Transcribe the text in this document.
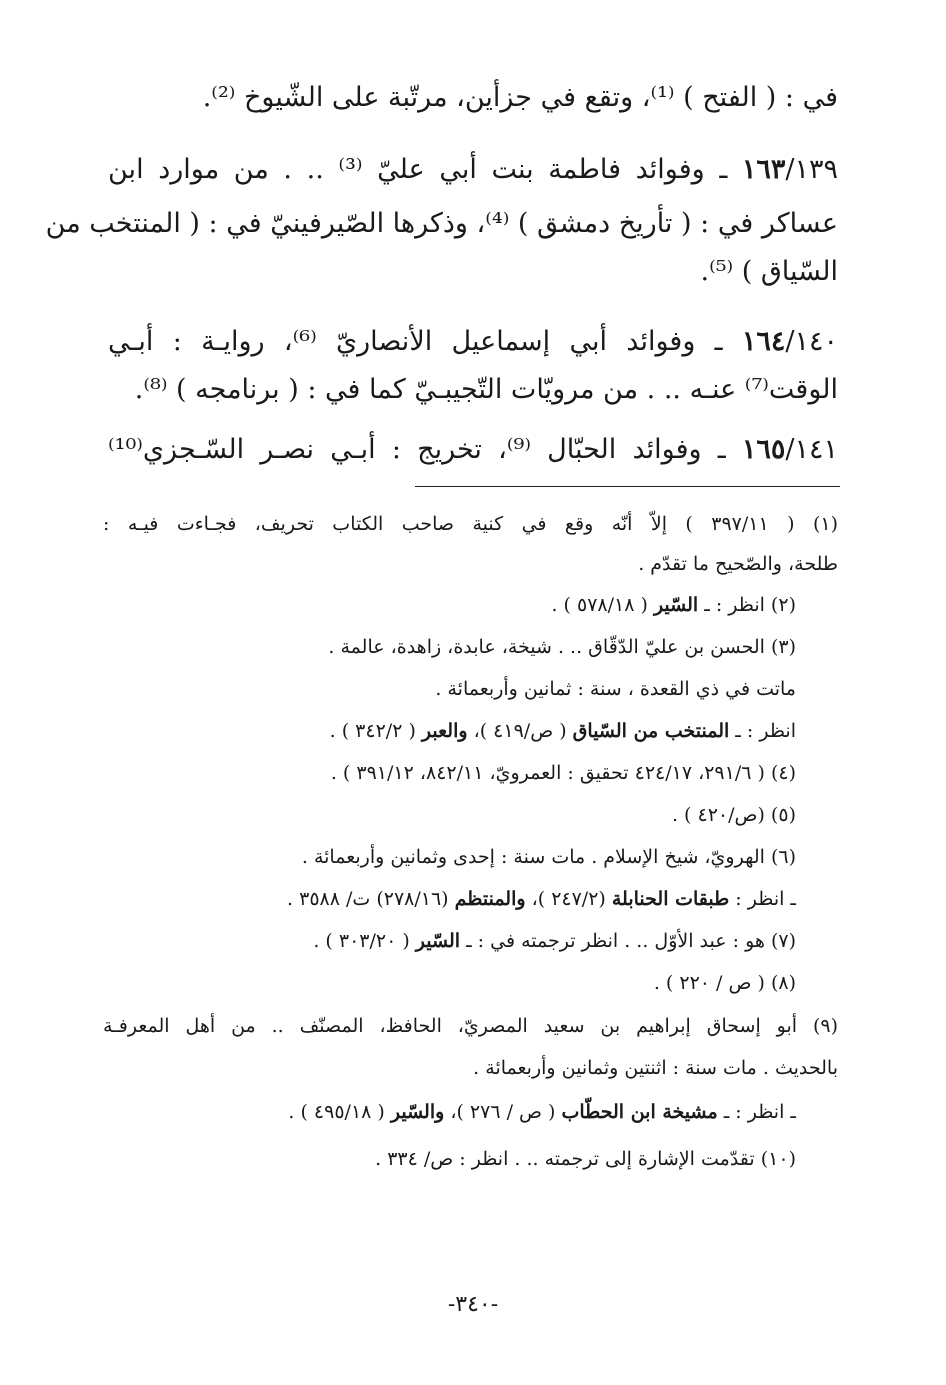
في : ( الفتح ) ⁽¹⁾، وتقع في جزأين، مرتّبة على الشّيوخ ⁽²⁾.
١٦٣/١٣٩ ـ وفوائد فاطمة بنت أبي عليّ ⁽³⁾ .. . من موارد ابن
عساكر في : ( تأريخ دمشق ) ⁽⁴⁾، وذكرها الصّيرفينيّ في : ( المنتخب من
السّياق ) ⁽⁵⁾.
١٦٤/١٤٠ ـ وفوائد أبي إسماعيل الأنصاريّ ⁽⁶⁾، روايـة : أبـي
الوقت⁽⁷⁾ عنـه .. . من مرويّات التّجيبـيّ كما في : ( برنامجه ) ⁽⁸⁾.
١٦٥/١٤١ ـ وفوائد الحبّال ⁽⁹⁾، تخريج : أبـي نصـر السّـجزي⁽¹⁰⁾
(١) ( ٣٩٧/١١ ) إلاّ أنّه وقع في كنية صاحب الكتاب تحريف، فجـاءت فيـه :
طلحة، والصّحيح ما تقدّم .
(٢) انظر : ـ السّير ( ٥٧٨/١٨ ) .
(٣) الحسن بن عليّ الدّقّاق .. . شيخة، عابدة، زاهدة، عالمة .
ماتت في ذي القعدة ، سنة : ثمانين وأربعمائة .
انظر : ـ المنتخب من السّياق ( ص/٤١٩ )، والعبر ( ٣٤٢/٢ ) .
(٤) ( ٢٩١/٦، ٤٢٤/١٧ تحقيق : العمرويّ، ٨٤٢/١١، ٣٩١/١٢ ) .
(٥) (ص/٤٢٠ ) .
(٦) الهرويّ، شيخ الإسلام . مات سنة : إحدى وثمانين وأربعمائة .
ـ انظر : طبقات الحنابلة (٢٤٧/٢ )، والمنتظم (٢٧٨/١٦) ت/ ٣٥٨٨ .
(٧) هو : عبد الأوّل .. . انظر ترجمته في : ـ السّير ( ٣٠٣/٢٠ ) .
(٨) ( ص / ٢٢٠ ) .
(٩) أبو إسحاق إبراهيم بن سعيد المصريّ، الحافظ، المصنّف .. من أهل المعرفـة
بالحديث . مات سنة : اثنتين وثمانين وأربعمائة .
ـ انظر : ـ مشيخة ابن الحطّاب ( ص / ٢٧٦ )، والسّير ( ٤٩٥/١٨ ) .
(١٠) تقدّمت الإشارة إلى ترجمته .. . انظر : ص/ ٣٣٤ .
-٣٤٠-
